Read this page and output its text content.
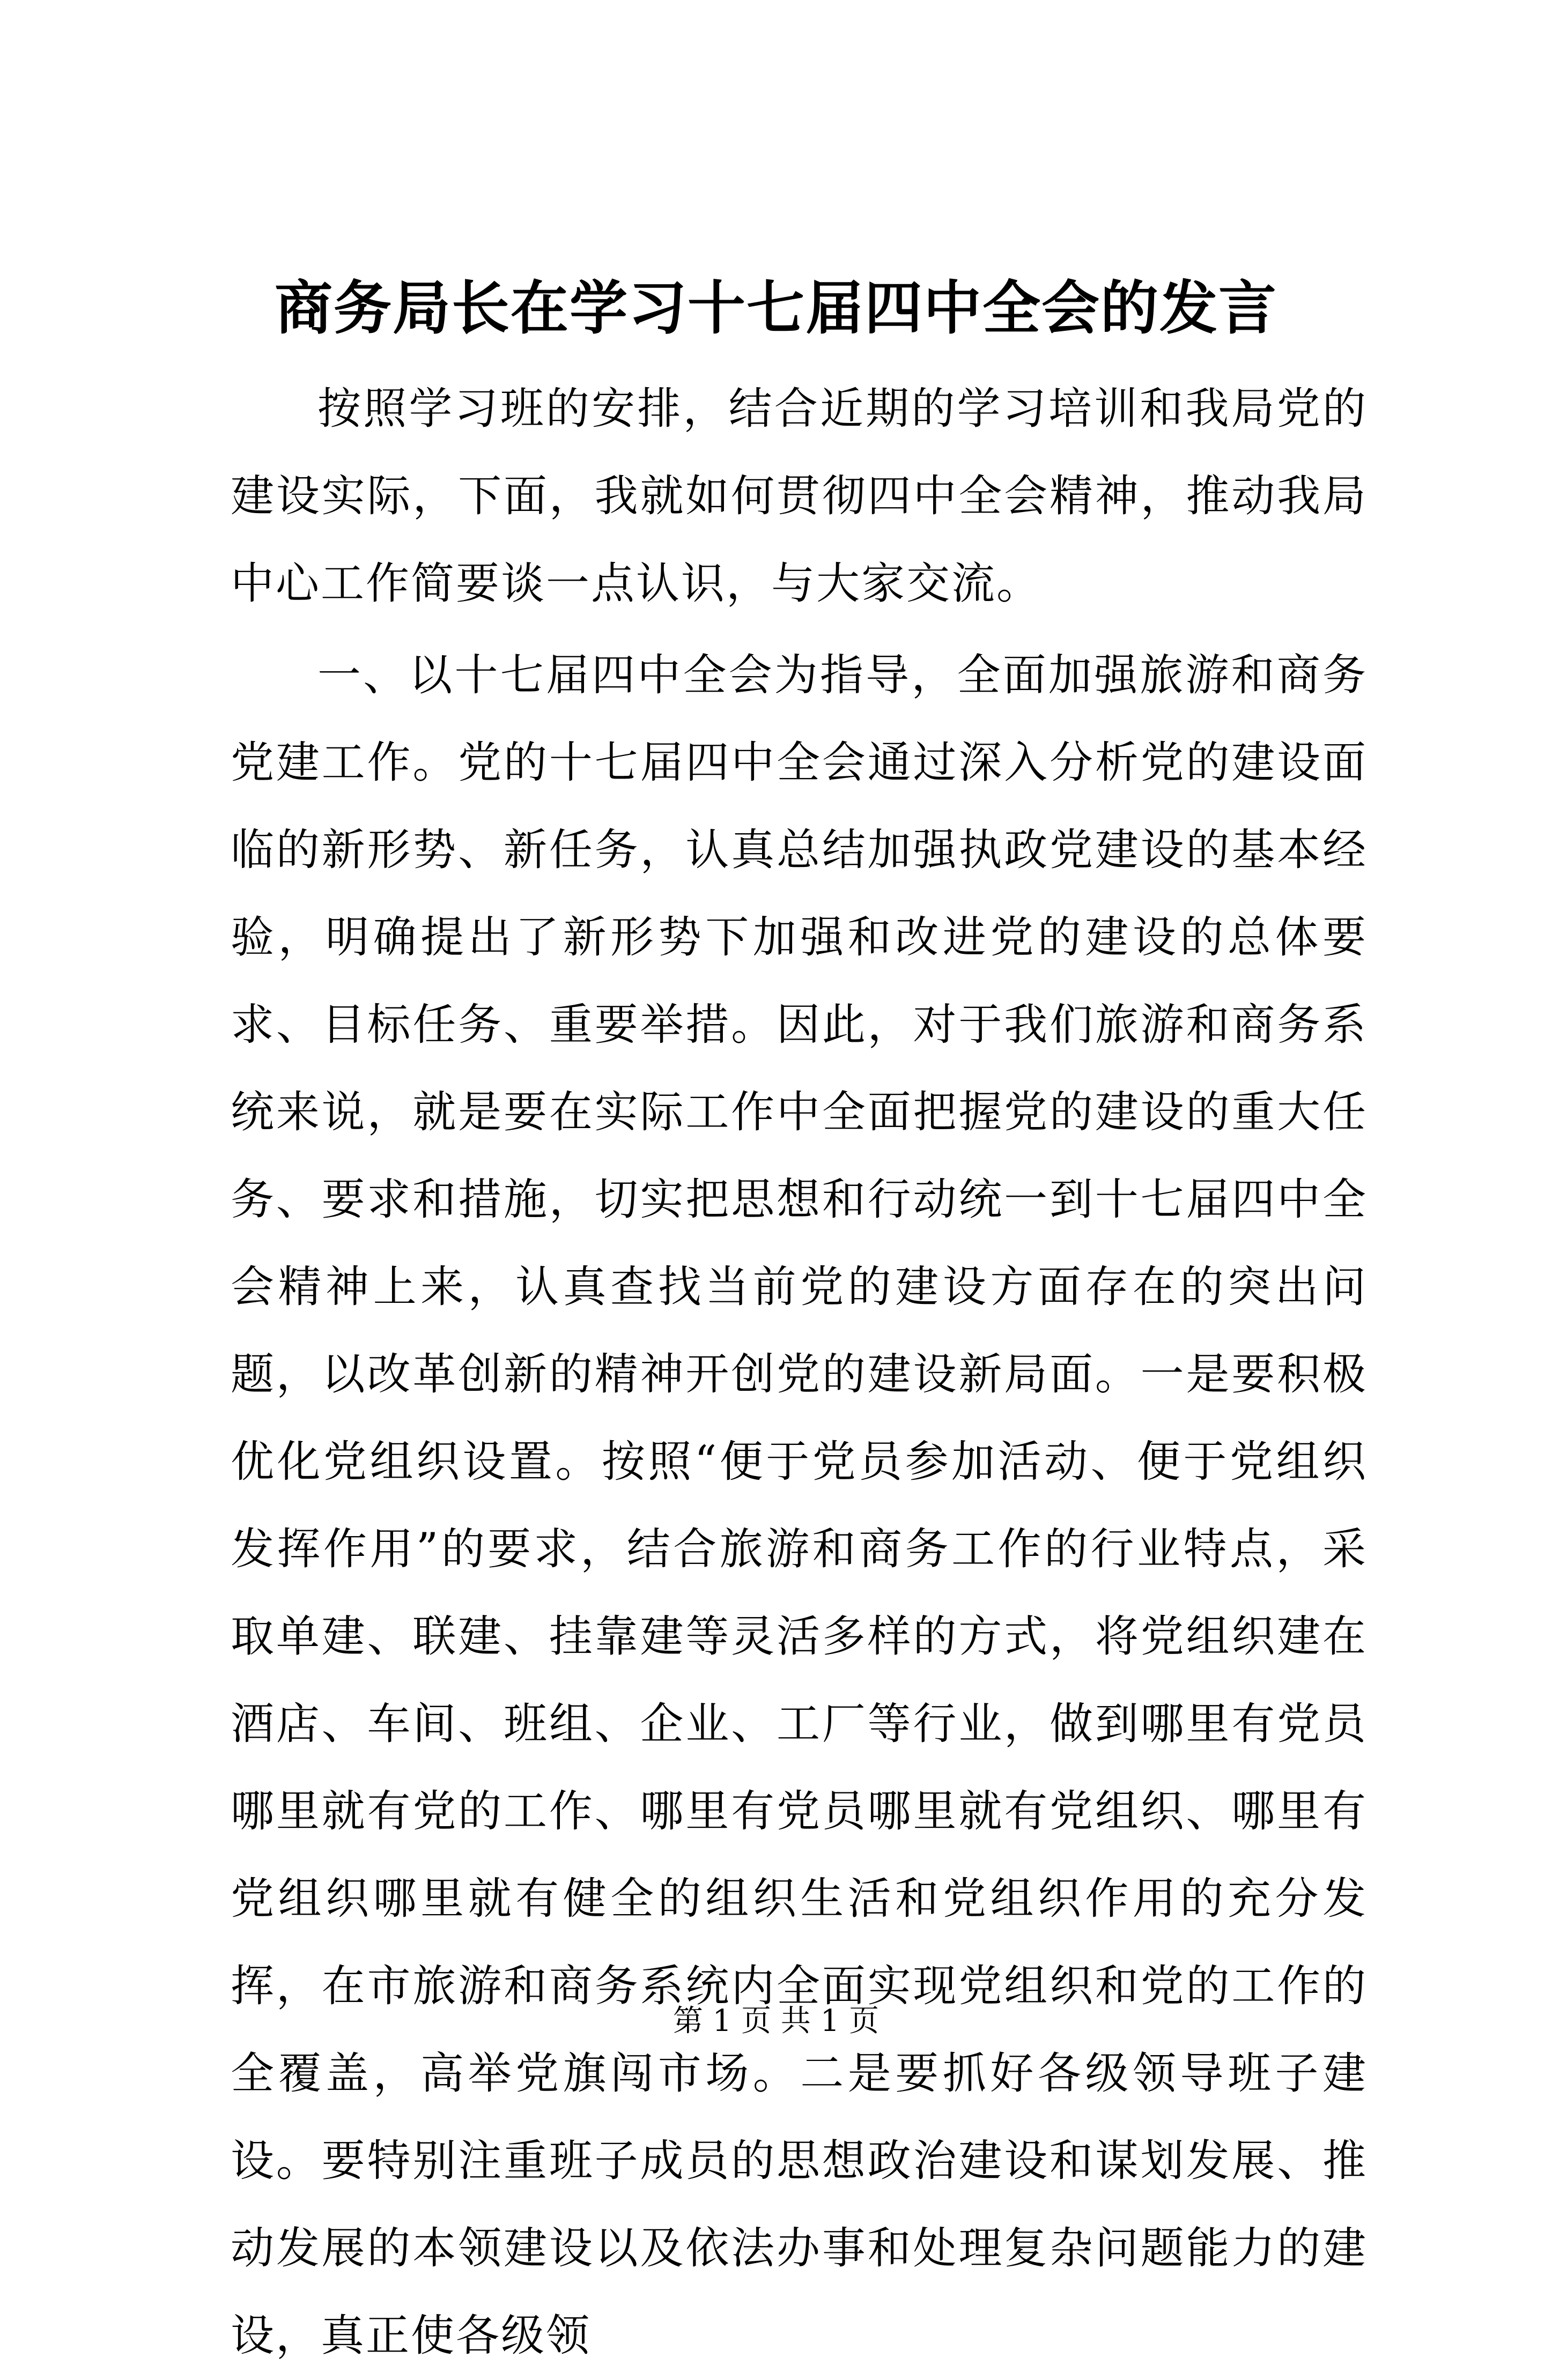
商务局长在学习十七届四中全会的发言

按照学习班的安排，结合近期的学习培训和我局党的建设实际，下面，我就如何贯彻四中全会精神，推动我局中心工作简要谈一点认识，与大家交流。

一、以十七届四中全会为指导，全面加强旅游和商务党建工作。党的十七届四中全会通过深入分析党的建设面临的新形势、新任务，认真总结加强执政党建设的基本经验，明确提出了新形势下加强和改进党的建设的总体要求、目标任务、重要举措。因此，对于我们旅游和商务系统来说，就是要在实际工作中全面把握党的建设的重大任务、要求和措施，切实把思想和行动统一到十七届四中全会精神上来，认真查找当前党的建设方面存在的突出问题，以改革创新的精神开创党的建设新局面。一是要积极优化党组织设置。按照“便于党员参加活动、便于党组织发挥作用”的要求，结合旅游和商务工作的行业特点，采取单建、联建、挂靠建等灵活多样的方式，将党组织建在酒店、车间、班组、企业、工厂等行业，做到哪里有党员哪里就有党的工作、哪里有党员哪里就有党组织、哪里有党组织哪里就有健全的组织生活和党组织作用的充分发挥，在市旅游和商务系统内全面实现党组织和党的工作的全覆盖，高举党旗闯市场。二是要抓好各级领导班子建设。要特别注重班子成员的思想政治建设和谋划发展、推动发展的本领建设以及依法办事和处理复杂问题能力的建设，真正使各级领

第 1 页 共 1 页
